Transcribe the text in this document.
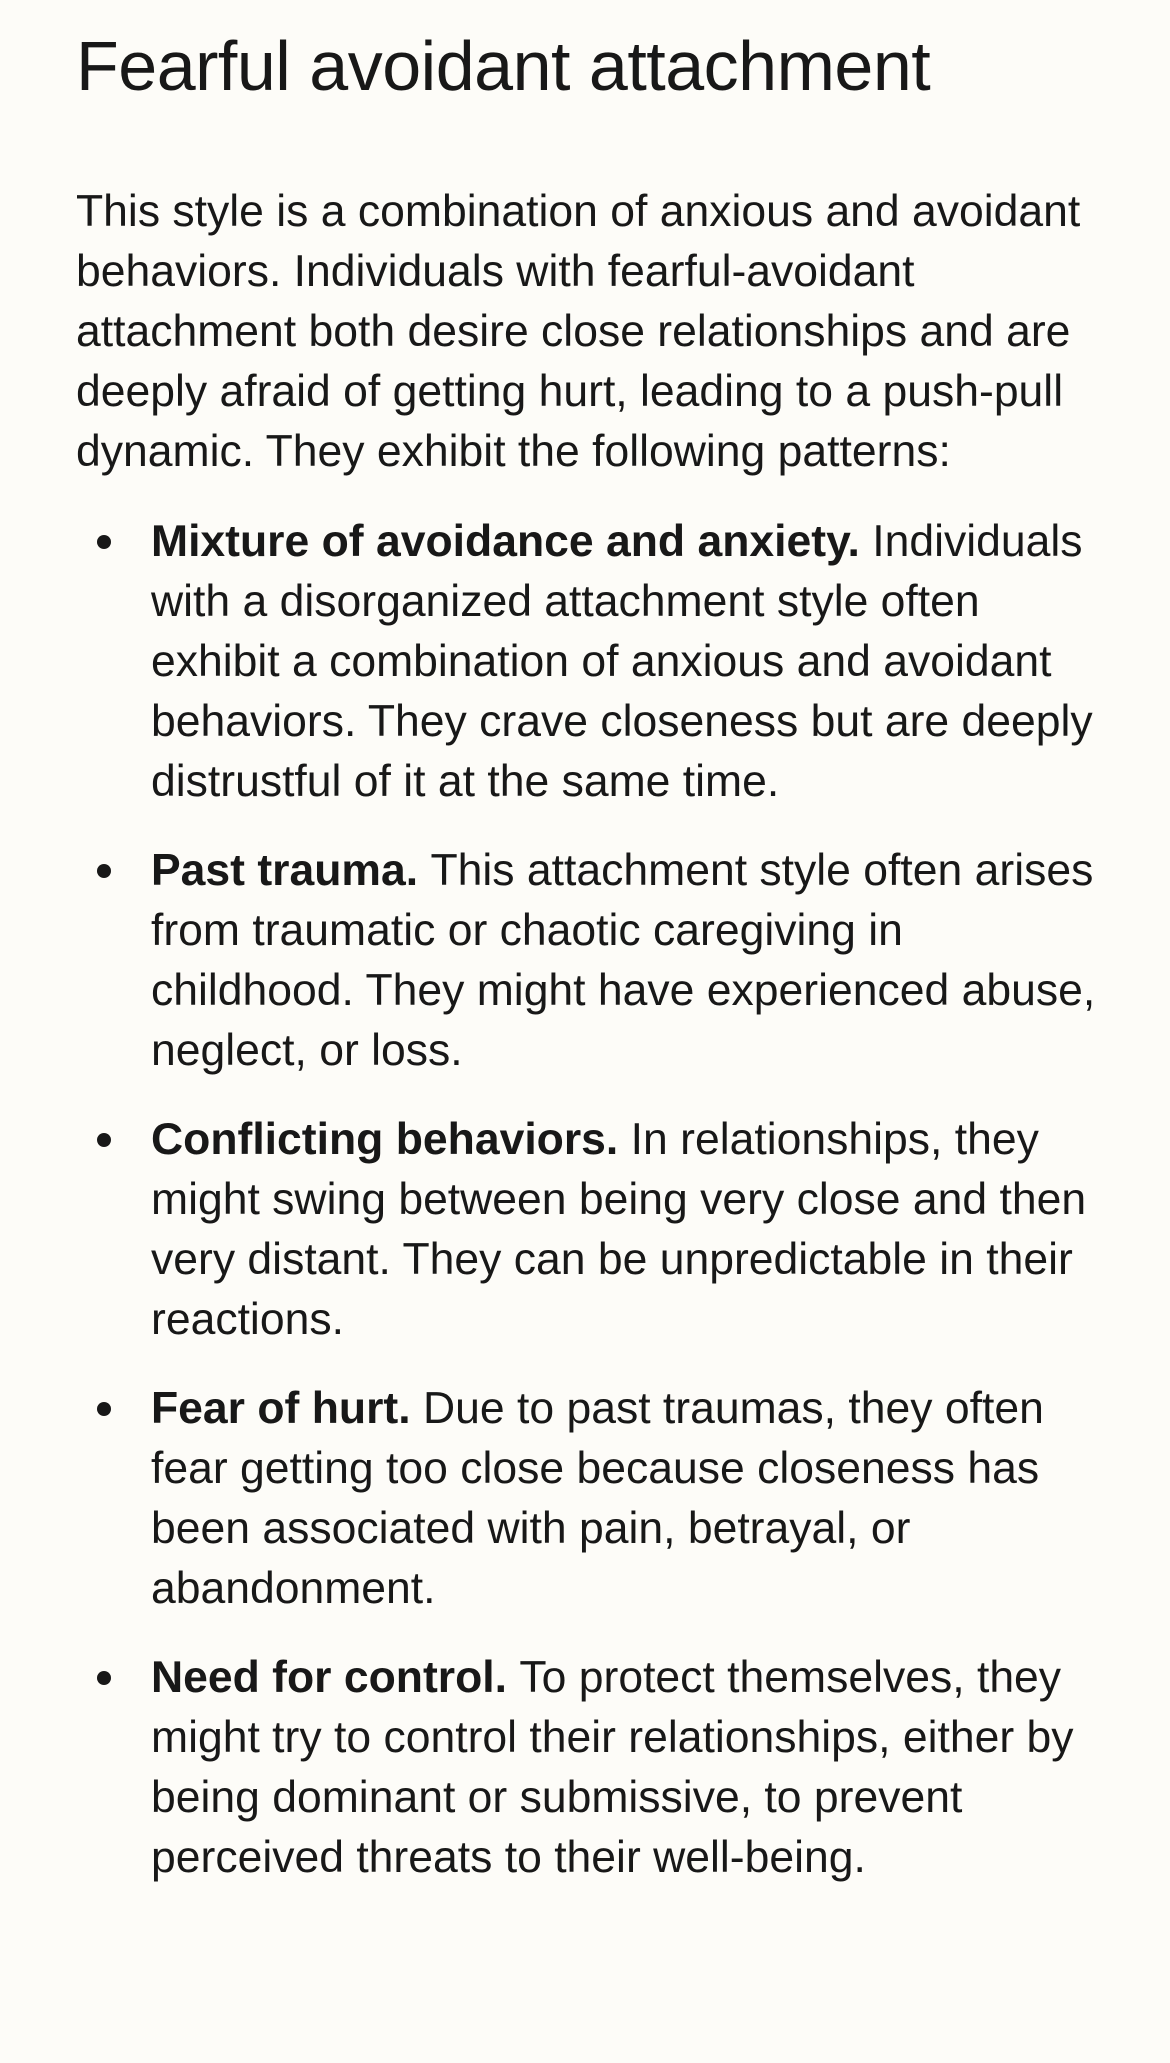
Fearful avoidant attachment

This style is a combination of anxious and avoidant behaviors. Individuals with fearful-avoidant attachment both desire close relationships and are deeply afraid of getting hurt, leading to a push-pull dynamic. They exhibit the following patterns:

Mixture of avoidance and anxiety. Individuals with a disorganized attachment style often exhibit a combination of anxious and avoidant behaviors. They crave closeness but are deeply distrustful of it at the same time.
Past trauma. This attachment style often arises from traumatic or chaotic caregiving in childhood. They might have experienced abuse, neglect, or loss.
Conflicting behaviors. In relationships, they might swing between being very close and then very distant. They can be unpredictable in their reactions.
Fear of hurt. Due to past traumas, they often fear getting too close because closeness has been associated with pain, betrayal, or abandonment.
Need for control. To protect themselves, they might try to control their relationships, either by being dominant or submissive, to prevent perceived threats to their well-being.
